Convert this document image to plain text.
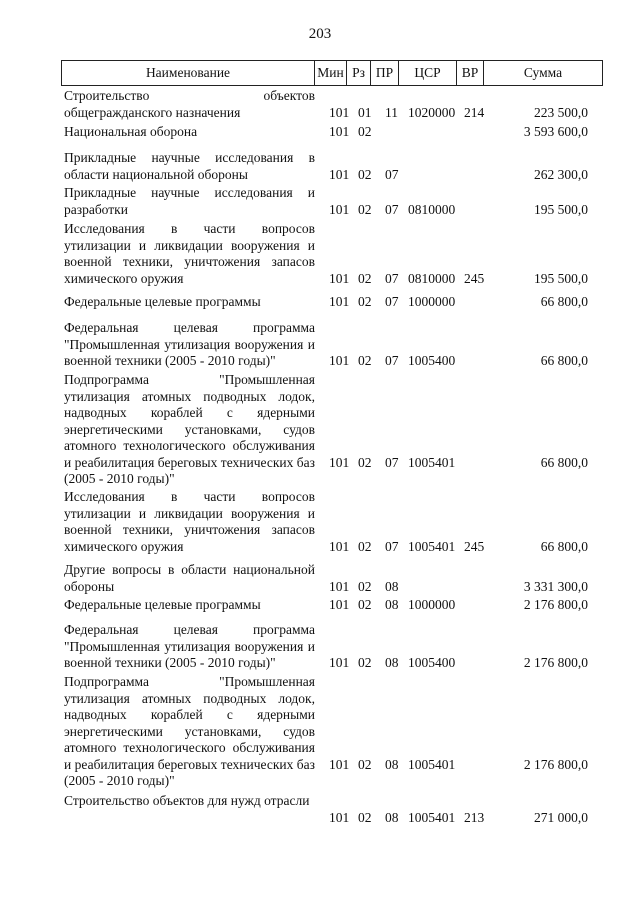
203
Наименование	Мин Рз ПР	ЦСР	ВР	Сумма
Строительство объектов общегражданского назначения	101 01 11 1020000 214	223 500,0
Национальная оборона	101 02	3 593 600,0
Прикладные научные исследования в области национальной обороны	101 02 07	262 300,0
Прикладные научные исследования и разработки	101 02 07 0810000	195 500,0
Исследования в части вопросов утилизации и ликвидации вооружения и военной техники, уничтожения запасов химического оружия	101 02 07 0810000 245	195 500,0
Федеральные целевые программы	101 02 07 1000000	66 800,0
Федеральная целевая программа "Промышленная утилизация вооружения и военной техники (2005 - 2010 годы)"	101 02 07 1005400	66 800,0
Подпрограмма "Промышленная утилизация атомных подводных лодок, надводных кораблей с ядерными энергетическими установками, судов атомного технологического обслуживания и реабилитация береговых технических баз (2005 - 2010 годы)"
101 02 07 1005401	66 800,0
Исследования в части вопросов утилизации и ликвидации вооружения и военной техники, уничтожения запасов химического оружия	101 02 07 1005401 245	66 800,0
Другие вопросы в области национальной обороны	101 02 08	3 331 300,0
Федеральные целевые программы	101 02 08 1000000	2 176 800,0
Федеральная целевая программа "Промышленная утилизация вооружения и военной техники (2005 - 2010 годы)"	101 02 08 1005400	2 176 800,0
Подпрограмма "Промышленная утилизация атомных подводных лодок, надводных кораблей с ядерными энергетическими установками, судов атомного технологического обслуживания и реабилитация береговых технических баз (2005 - 2010 годы)"
101 02 08 1005401	2 176 800,0
Строительство объектов для нужд отрасли
101 02 08 1005401 213	271 000,0
